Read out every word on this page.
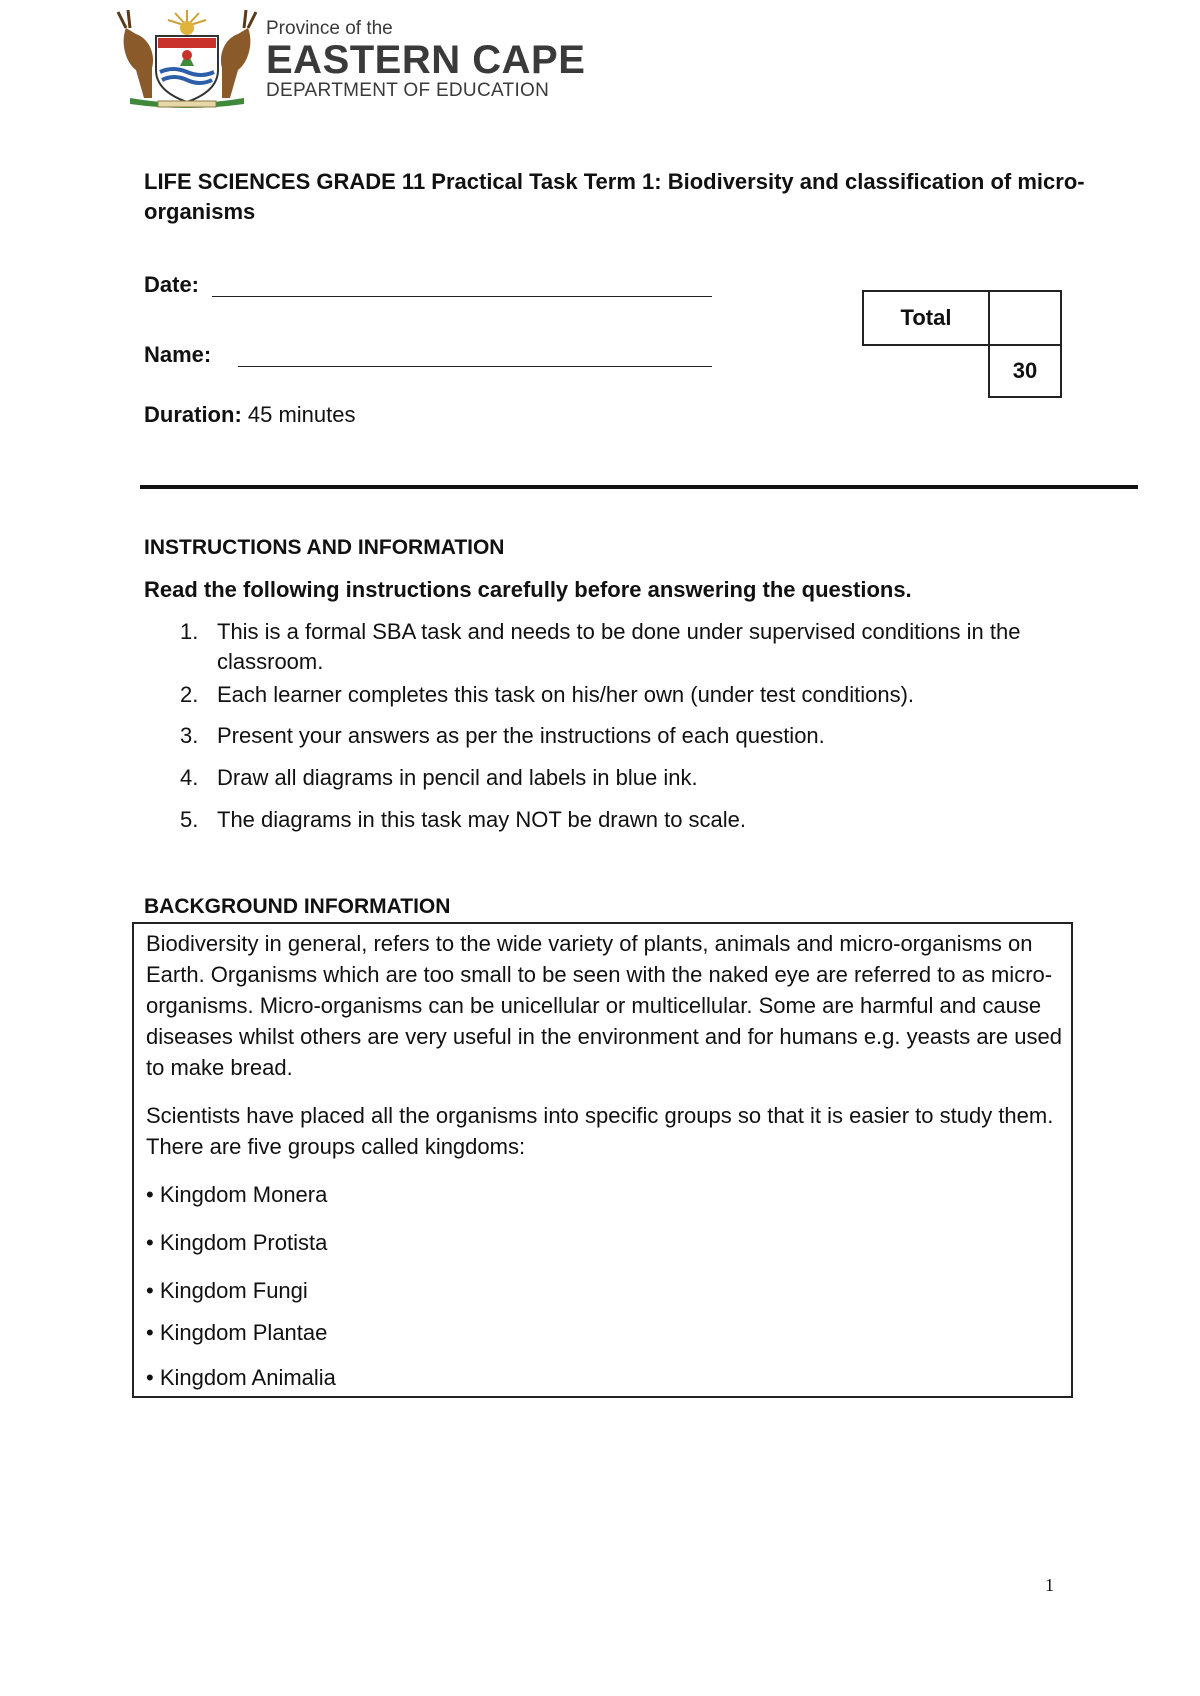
Province of the
EASTERN CAPE
DEPARTMENT OF EDUCATION
LIFE SCIENCES GRADE 11 Practical Task Term 1: Biodiversity and classification of micro-organisms
Date:
Name:
Duration: 45 minutes
Total
30
INSTRUCTIONS AND INFORMATION
Read the following instructions carefully before answering the questions.
1. This is a formal SBA task and needs to be done under supervised conditions in the classroom.
2. Each learner completes this task on his/her own (under test conditions).
3. Present your answers as per the instructions of each question.
4. Draw all diagrams in pencil and labels in blue ink.
5. The diagrams in this task may NOT be drawn to scale.
BACKGROUND INFORMATION
Biodiversity in general, refers to the wide variety of plants, animals and micro-organisms on Earth. Organisms which are too small to be seen with the naked eye are referred to as micro-organisms. Micro-organisms can be unicellular or multicellular. Some are harmful and cause diseases whilst others are very useful in the environment and for humans e.g. yeasts are used to make bread.
Scientists have placed all the organisms into specific groups so that it is easier to study them. There are five groups called kingdoms:
• Kingdom Monera
• Kingdom Protista
• Kingdom Fungi
• Kingdom Plantae
• Kingdom Animalia
1
